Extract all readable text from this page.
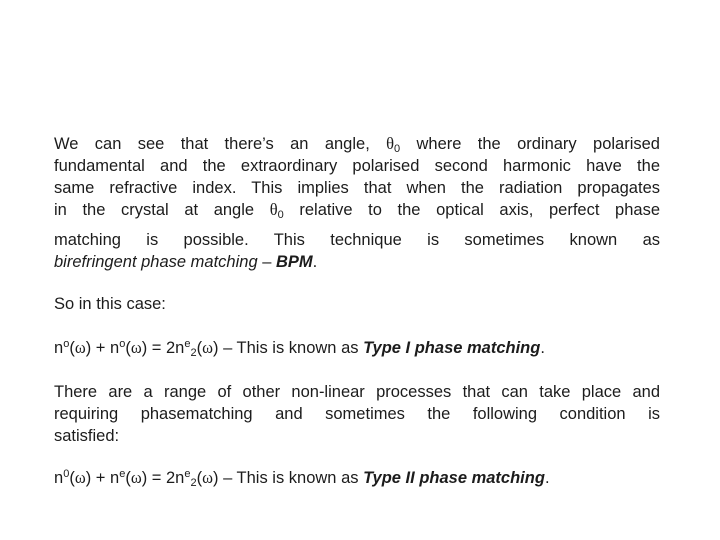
We can see that there’s an angle, $\theta_0$ where the ordinary polarised
fundamental and the extraordinary polarised second harmonic have the
same refractive index. This implies that when the radiation propagates
in the crystal at angle $\theta_0$ relative to the optical axis, perfect phase
matching is possible. This technique is sometimes known as
birefringent phase matching – BPM.
So in this case:
$n^o(\omega) + n^o(\omega) = 2n^e_2(\omega)$ – This is known as Type I phase matching.
There are a range of other non-linear processes that can take place and
requiring phasematching and sometimes the following condition is
satisfied:
$n^0(\omega) + n^e(\omega) = 2n^e_2(\omega)$ – This is known as Type II phase matching.
